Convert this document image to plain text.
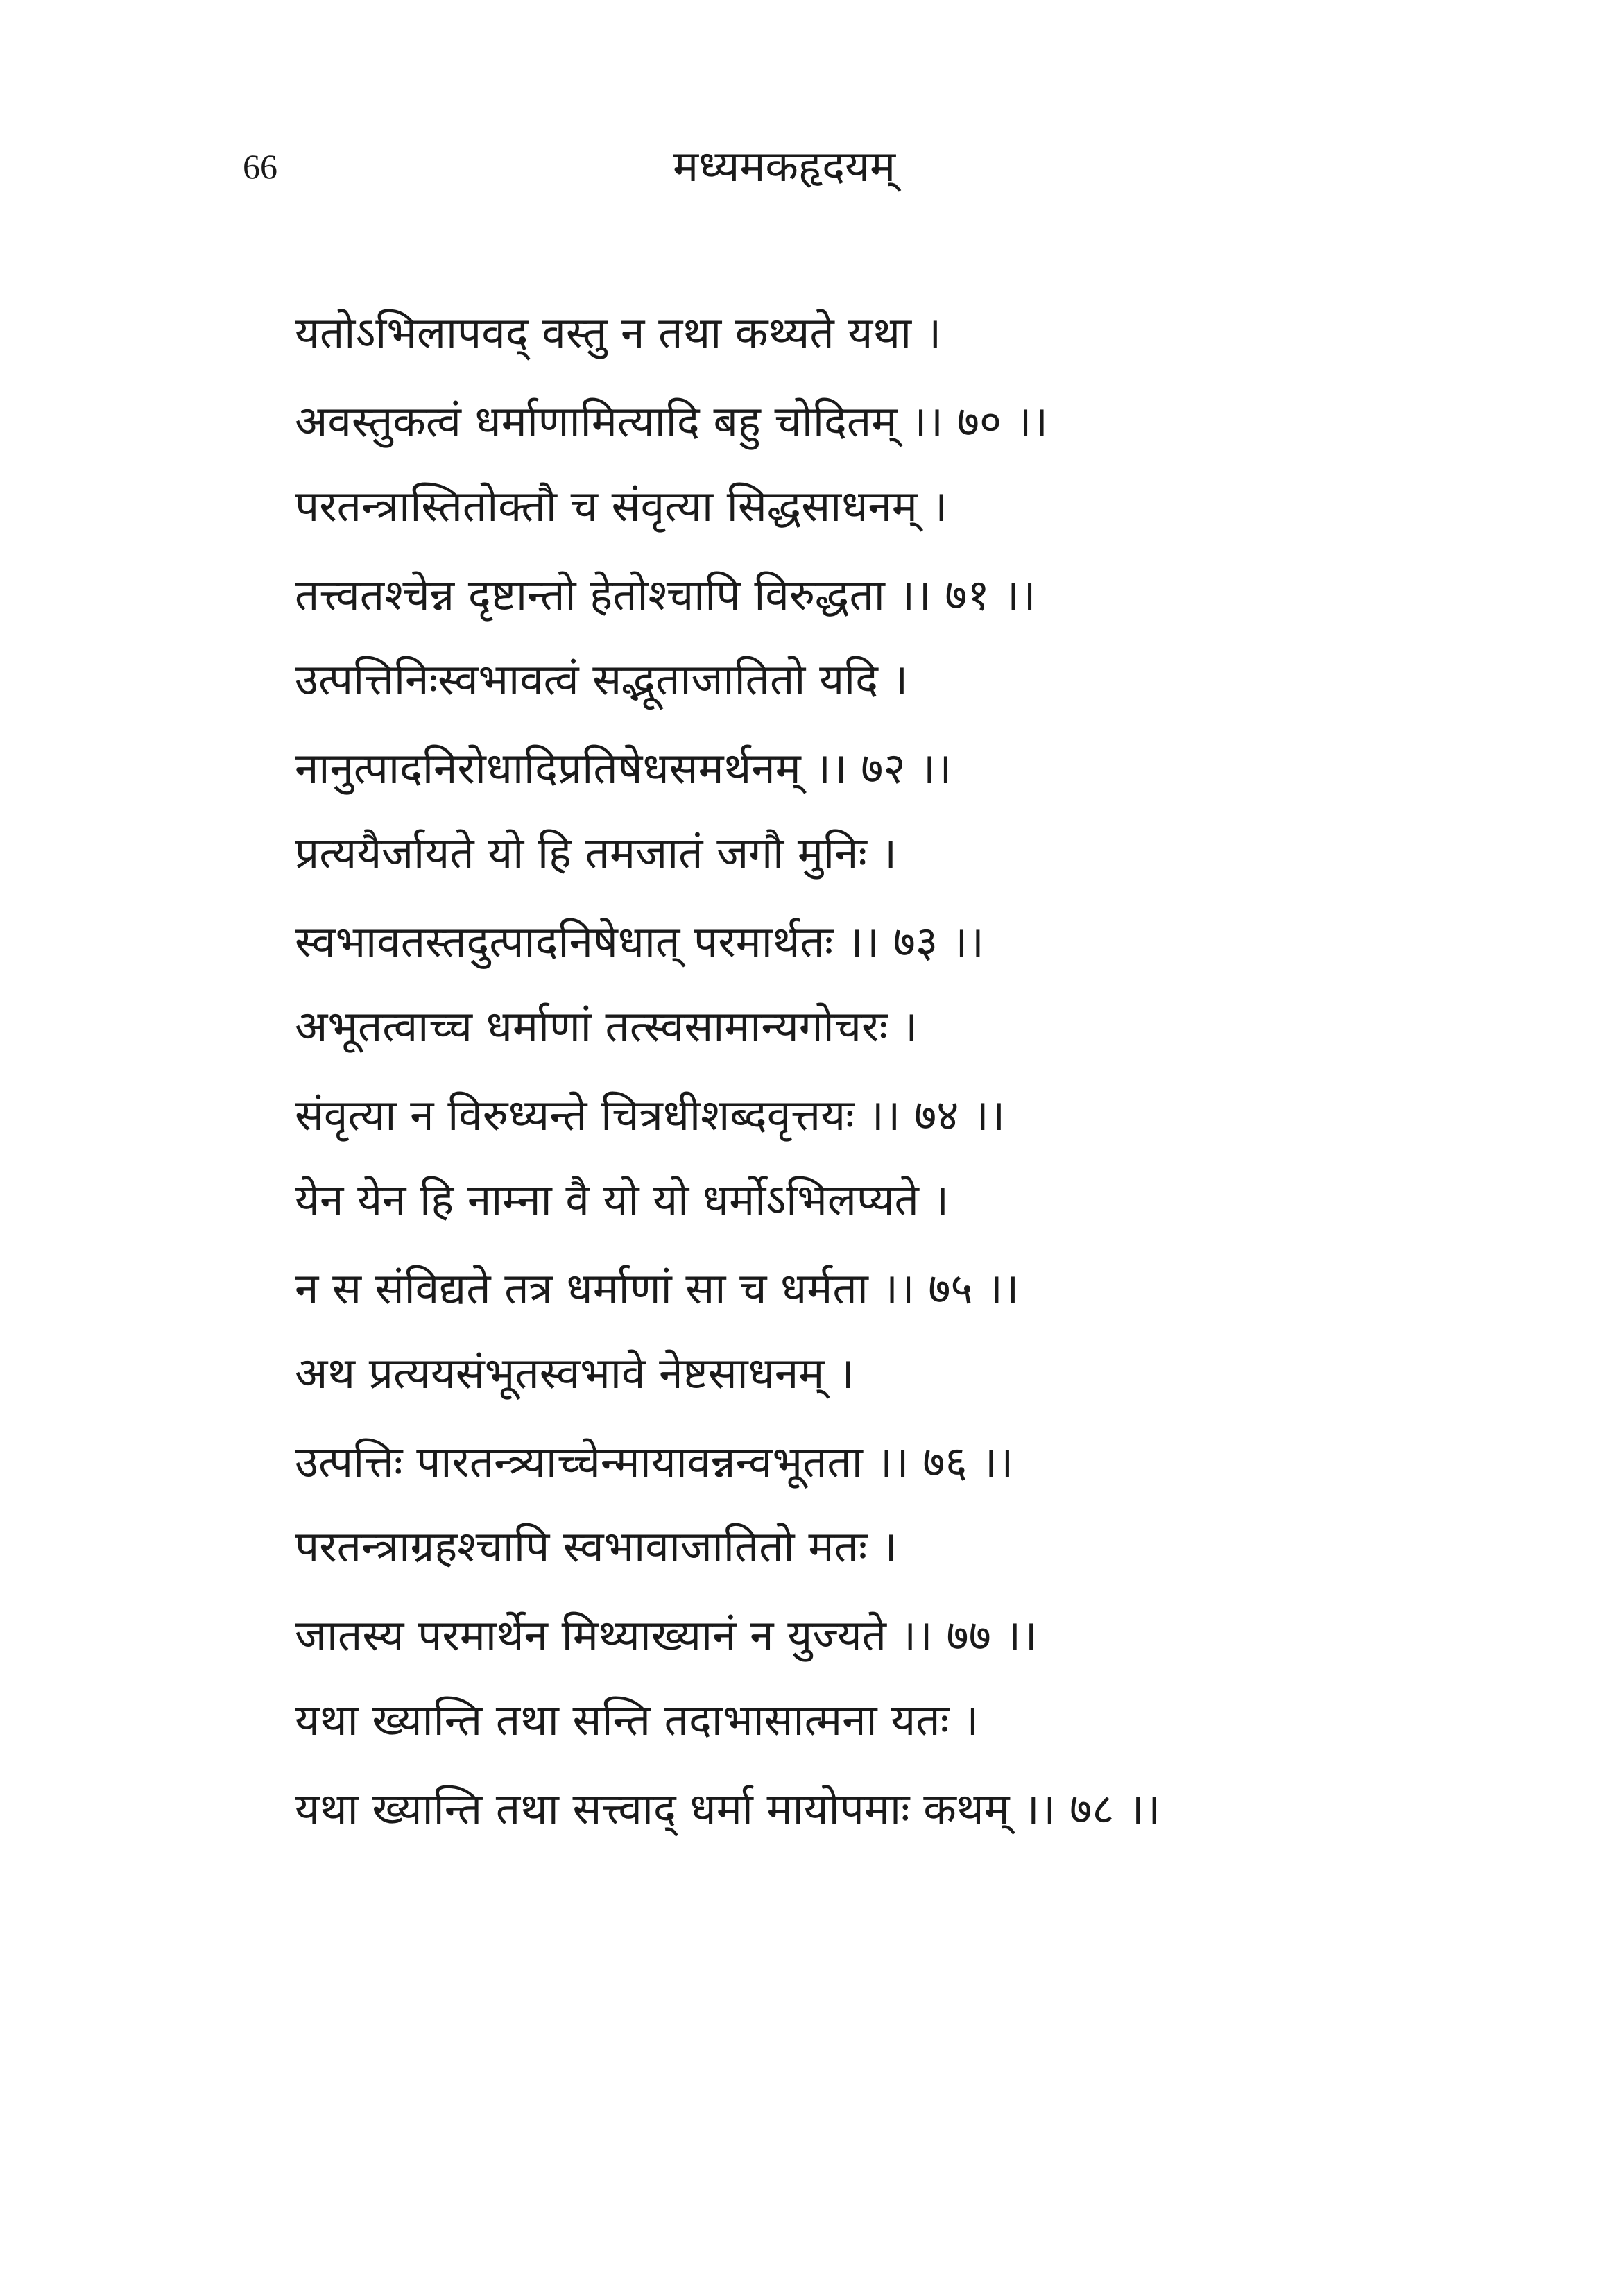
66	मध्यमकहृदयम्
यतोऽभिलापवद् वस्तु न तथा कथ्यते यथा ।
अवस्तुकत्वं धर्माणामित्यादि बहु चोदितम् ।। ७० ।।
परतन्त्रास्तितोक्तौ च संवृत्या सिद्धसाधनम् ।
तत्त्वतश्चेन्न दृष्टान्तो हेतोश्चापि विरुद्धता ।। ७१ ।।
उत्पत्तिनिःस्वभावत्वं सद्भूताजातितो यदि ।
नानुत्पादनिरोधादिप्रतिषेधसमर्थनम् ।। ७२ ।।
प्रत्ययैर्जायते यो हि तमजातं जगौ मुनिः ।
स्वभावतस्तदुत्पादनिषेधात् परमार्थतः ।। ७३ ।।
अभूतत्वाच्च धर्माणां तत्स्वसामान्यगोचरः ।
संवृत्या न विरुध्यन्ते चित्रधीशब्दवृत्तयः ।। ७४ ।।
येन येन हि नाम्ना वै यो यो धर्मोऽभिलप्यते ।
न स संविद्यते तत्र धर्माणां सा च धर्मता ।। ७५ ।।
अथ प्रत्ययसंभूतस्वभावे नेष्टसाधनम् ।
उत्पत्तिः पारतन्त्र्याच्चेन्मायावन्नन्वभूतता ।। ७६ ।।
परतन्त्राग्रहश्चापि स्वभावाजातितो मतः ।
जातस्य परमार्थेन मिथ्याख्यानं न युज्यते ।। ७७ ।।
यथा ख्यान्ति तथा सन्ति तदाभासात्मना यतः ।
यथा ख्यान्ति तथा सत्त्वाद् धर्मा मायोपमाः कथम् ।। ७८ ।।
